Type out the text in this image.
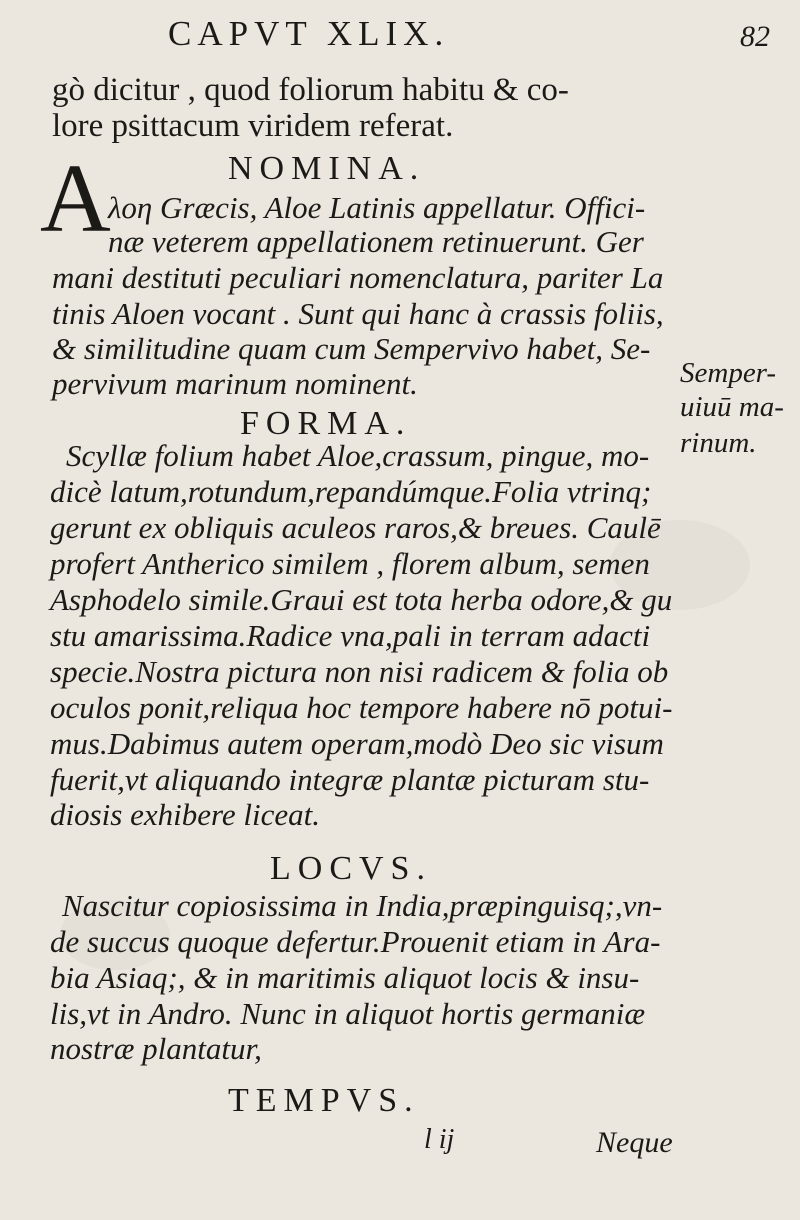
CAPVT XLIX.	82
gò dicitur , quod foliorum habitu & co-
lore psittacum viridem referat.
NOMINA.
A
λοη Græcis, Aloe Latinis appellatur. Offici-
næ veterem appellationem retinuerunt. Ger
mani destituti peculiari nomenclatura, pariter La
tinis Aloen vocant . Sunt qui hanc à crassis foliis,
& similitudine quam cum Sempervivo habet, Se-
pervivum marinum nominent.
FORMA.
Scyllæ folium habet Aloe,crassum, pingue, mo-
dicè latum,rotundum,repandúmque.Folia vtrinq;
gerunt ex obliquis aculeos raros,& breues. Caulē
profert Antherico similem , florem album, semen
Asphodelo simile.Graui est tota herba odore,& gu
stu amarissima.Radice vna,pali in terram adacti
specie.Nostra pictura non nisi radicem & folia ob
oculos ponit,reliqua hoc tempore habere nō potui-
mus.Dabimus autem operam,modò Deo sic visum
fuerit,vt aliquando integræ plantæ picturam stu-
diosis exhibere liceat.
LOCVS.
Nascitur copiosissima in India,præpinguisq;,vn-
de succus quoque defertur.Prouenit etiam in Ara-
bia Asiaq;, & in maritimis aliquot locis & insu-
lis,vt in Andro. Nunc in aliquot hortis germaniæ
nostræ plantatur,
TEMPVS.
Semper-
uiuū ma-
rinum.
l ij	Neque
